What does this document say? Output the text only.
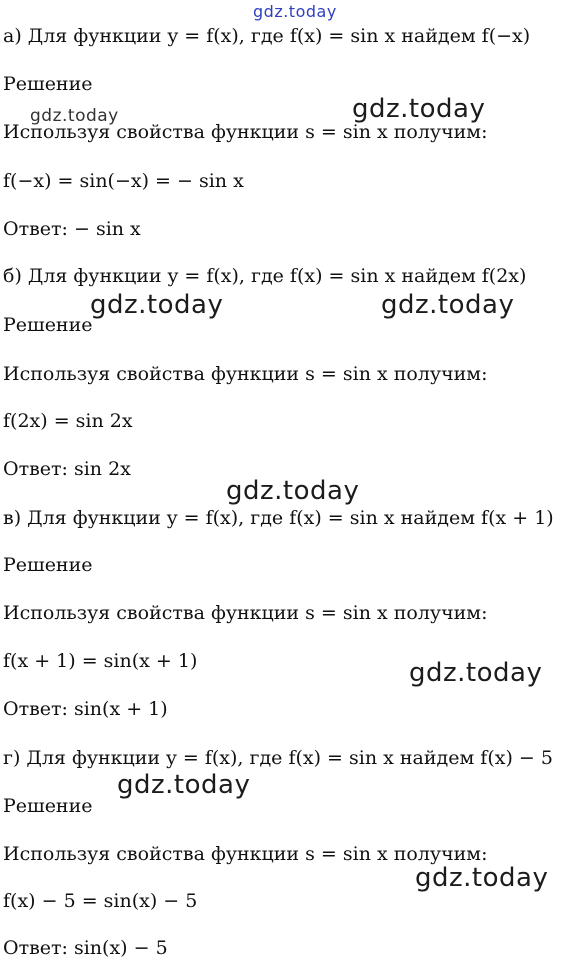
gdz.today
gdz.today	gdz.today
gdz.today	gdz.today
gdz.today
gdz.today
gdz.today
gdz.today
а) Для функции y = f(x), где f(x) = sin x найдем f(−x)
Решение
Используя свойства функции s = sin x получим:
f(−x) = sin(−x) = − sin x
Ответ: − sin x
б) Для функции y = f(x), где f(x) = sin x найдем f(2x)
Решение
Используя свойства функции s = sin x получим:
f(2x) = sin 2x
Ответ: sin 2x
в) Для функции y = f(x), где f(x) = sin x найдем f(x + 1)
Решение
Используя свойства функции s = sin x получим:
f(x + 1) = sin(x + 1)
Ответ: sin(x + 1)
г) Для функции y = f(x), где f(x) = sin x найдем f(x) − 5
Решение
Используя свойства функции s = sin x получим:
f(x) − 5 = sin(x) − 5
Ответ: sin(x) − 5
